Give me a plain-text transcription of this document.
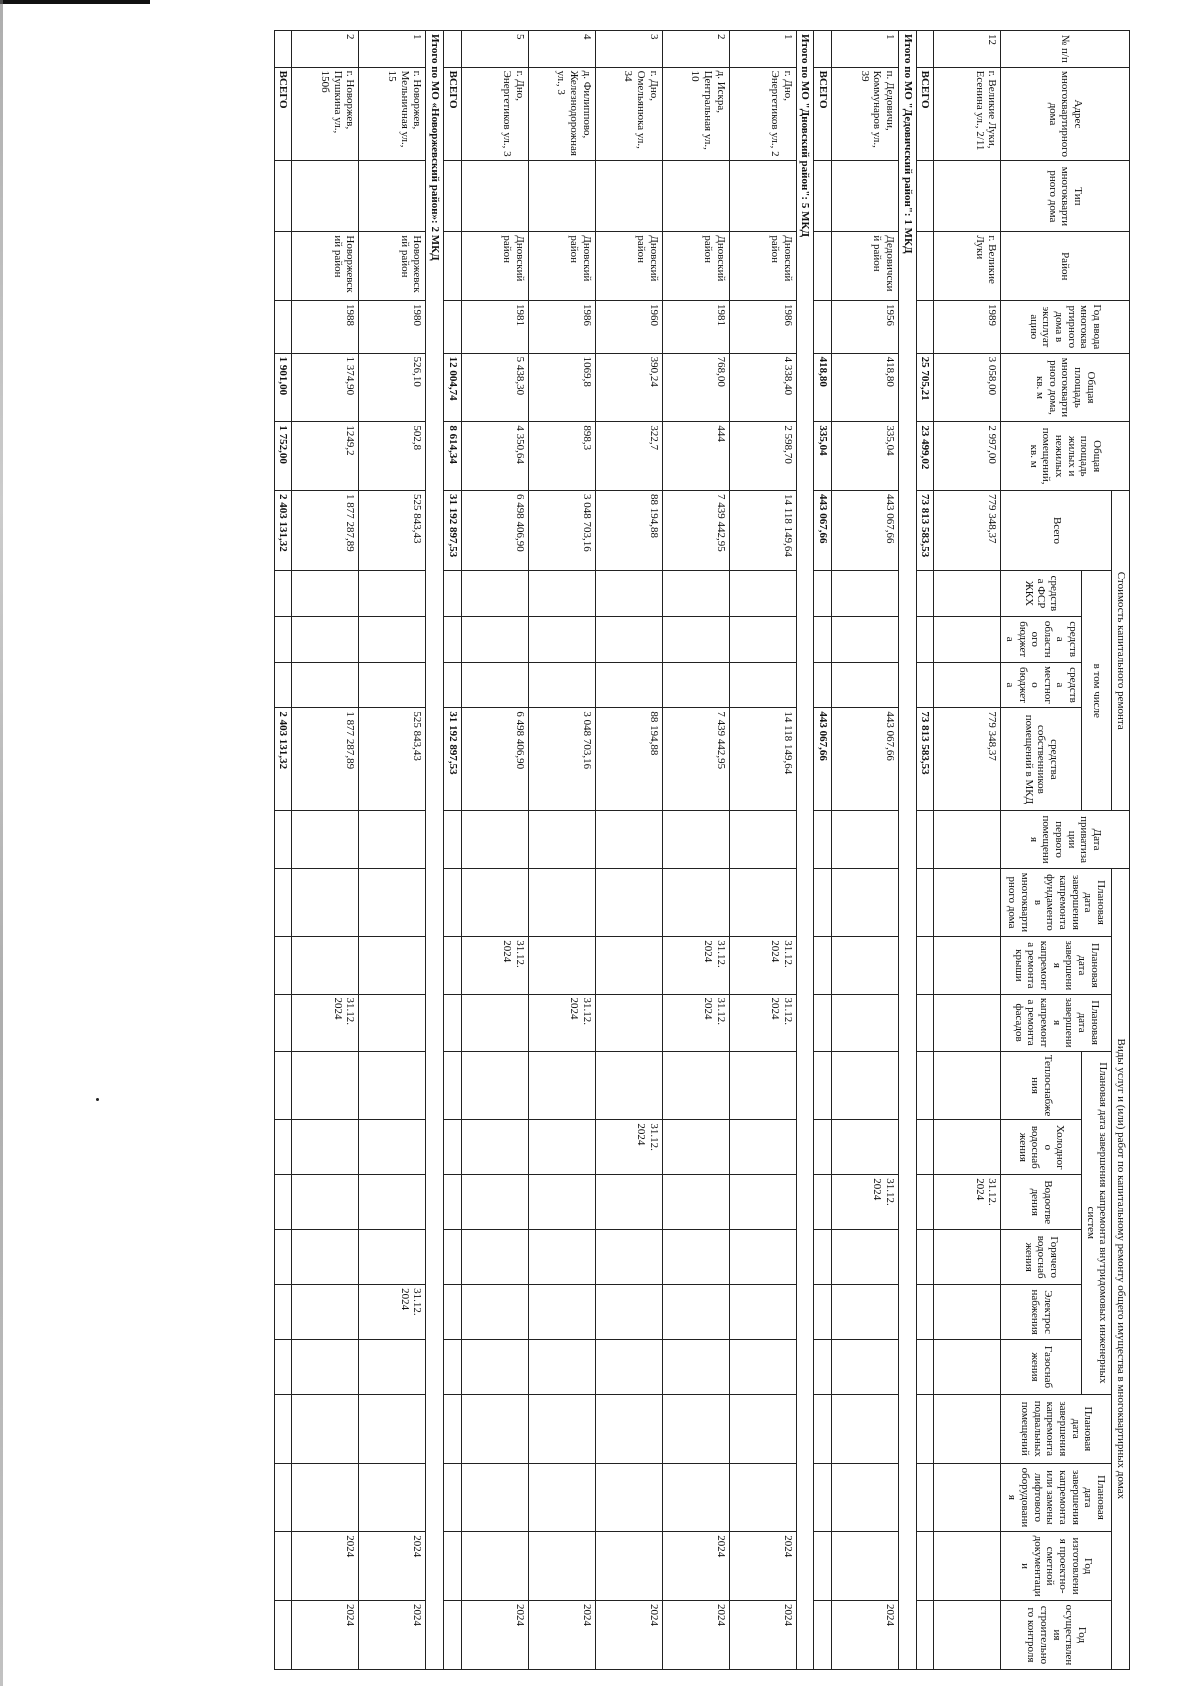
№ п/п	Адрес многоквартирного дома	Тип многоквартирного дома	Район	Год ввода многоквартирного дома в эксплуатацию	Общая площадь многоквартирного дома, кв. м	Общая площадь жилых и нежилых помещений, кв. м	Стоимость капитального ремонта					Дата приватизации первого помещения	Виды услуг и (или) работ по капитальному ремонту общего имущества в многоквартирных домах												
							Всего	в том числе					Плановая дата завершения капремонта фундаментов многоквартирного дома	Плановая дата завершения капремонта ремонта крыши	Плановая дата завершения капремонта ремонта фасадов	Плановая дата завершения капремонта внутридомовых инженерных систем						Плановая дата завершения капремонта подвальных помещений	Плановая дата завершения капремонта или замены лифтового оборудования	Год изготовления проектно-сметной документации	Год осуществления строительного контроля
								средства ФСР ЖКХ	средства областного бюджета	средства местного бюджета	средства собственников помещений в МКД					Теплоснабжения	Холодного водоснабжения	Водоотведения	Горячего водоснабжения	Электроснабжения	Газоснабжения				
12	г. Великие Луки, Есенина ул., 2/11		г. Великие Луки	1989	3 058,00	2 997,00	779 348,37				779 348,37							31.12. 2024							
	ВСЕГО				25 705,21	23 499,02	73 813 583,53				73 813 583,53														
Итого по МО "Дедовичский район": 1 МКД																									
1	п. Дедовичи, Коммунаров ул., 39		Дедовичский район	1956	418,80	335,04	443 067,66				443 067,66							31.12. 2024							2024
	ВСЕГО				418,80	335,04	443 067,66				443 067,66														
Итого по МО "Дновский район": 5 МКД																									
1	г. Дно, Энергетиков ул., 2		Дновский район	1986	4 338,40	2 598,70	14 118 149,64				14 118 149,64			31.12. 2024	31.12. 2024									2024	2024
2	д. Искра, Центральная ул., 10		Дновский район	1981	768,00	444	7 439 442,95				7 439 442,95			31.12. 2024	31.12. 2024									2024	2024
3	г. Дно, Омельянюка ул., 34		Дновский район	1960	390,24	322,7	88 194,88				88 194,88						31.12. 2024								2024
4	д. Филиппово, Железнодорожная ул., 3		Дновский район	1986	1069,8	898,3	3 048 703,16				3 048 703,16				31.12. 2024										2024
5	г. Дно, Энергетиков ул., 3		Дновский район	1981	5 438,30	4 350,64	6 498 406,90				6 498 406,90			31.12. 2024											2024
	ВСЕГО				12 004,74	8 614,34	31 192 897,53				31 192 897,53														
Итого по МО «Новоржевский район»: 2 МКД																									
1	г. Новоржев, Мельничная ул., 15		Новоржевский район	1980	526,10	502,8	525 843,43				525 843,43									31.12. 2024				2024	2024
2	г. Новоржев, Пушкина ул., 150б		Новоржевский район	1988	1 374,90	1249,2	1 877 287,89				1 877 287,89				31.12. 2024									2024	2024
	ВСЕГО				1 901,00	1 752,00	2 403 131,32				2 403 131,32														
